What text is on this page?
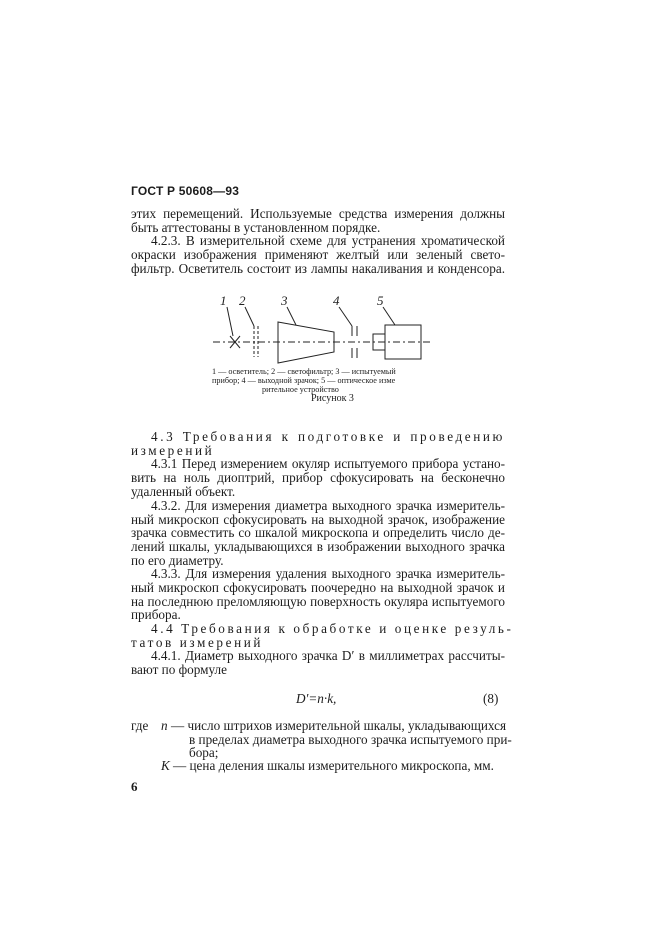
ГОСТ Р 50608—93
этих перемещений. Используемые средства измерения должны
быть аттестованы в установленном порядке.
4.2.3. В измерительной схеме для устранения хроматической
окраски изображения применяют желтый или зеленый свето-
фильтр. Осветитель состоит из лампы накаливания и конденсора.
1 2	3	4	5
1 — осветитель; 2 — светофильтр; 3 — испытуемый
прибор; 4 — выходной зрачок; 5 — оптическое изме
рительное устройство
Рисунок 3
4.3 Требования к подготовке и проведению
измерений
4.3.1 Перед измерением окуляр испытуемого прибора устано-
вить на ноль диоптрий, прибор сфокусировать на бесконечно
удаленный объект.
4.3.2. Для измерения диаметра выходного зрачка измеритель-
ный микроскоп сфокусировать на выходной зрачок, изображение
зрачка совместить со шкалой микроскопа и определить число де-
лений шкалы, укладывающихся в изображении выходного зрачка
по его диаметру.
4.3.3. Для измерения удаления выходного зрачка измеритель-
ный микроскоп сфокусировать поочередно на выходной зрачок и
на последнюю преломляющую поверхность окуляра испытуемого
прибора.
4.4 Требования к обработке и оценке резуль-
татов измерений
4.4.1. Диаметр выходного зрачка D′ в миллиметрах рассчиты-
вают по формуле
D′=n·k,	(8)
где n — число штрихов измерительной шкалы, укладывающихся
в пределах диаметра выходного зрачка испытуемого при-
бора;
K — цена деления шкалы измерительного микроскопа, мм.
6
